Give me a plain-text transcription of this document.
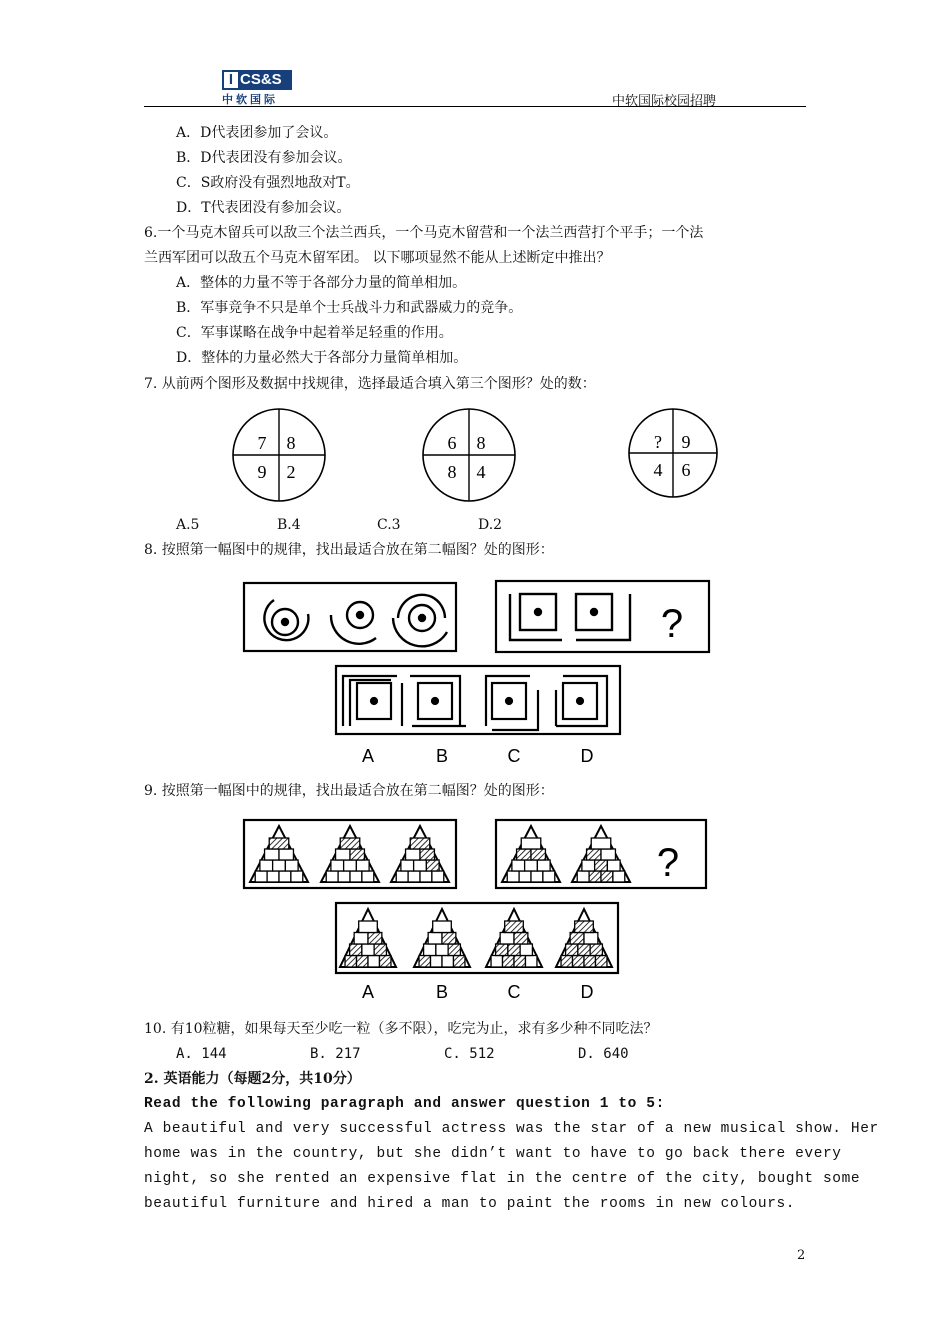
I CS&S
中软国际	中软国际校园招聘
A．D代表团参加了会议。
B．D代表团没有参加会议。
C．S政府没有强烈地敌对T。
D．T代表团没有参加会议。
6.一个马克木留兵可以敌三个法兰西兵，一个马克木留营和一个法兰西营打个平手；一个法
兰西军团可以敌五个马克木留军团。 以下哪项显然不能从上述断定中推出？
A．整体的力量不等于各部分力量的简单相加。
B．军事竞争不只是单个士兵战斗力和武器威力的竞争。
C．军事谋略在战争中起着举足轻重的作用。
D．整体的力量必然大于各部分力量简单相加。
7. 从前两个图形及数据中找规律，选择最适合填入第三个图形？处的数：
7 8
9 2
6 8
8 4
? 9
4 6
A.5	B.4	C.3	D.2
8. 按照第一幅图中的规律，找出最适合放在第二幅图？处的图形：
?
A	B	C	D
9. 按照第一幅图中的规律，找出最适合放在第二幅图？处的图形：
?
A	B	C	D
10. 有10粒糖，如果每天至少吃一粒（多不限），吃完为止，求有多少种不同吃法？
A. 144	B. 217	C. 512	D. 640
2. 英语能力（每题2分，共10分）
Read the following paragraph and answer question 1 to 5:
A beautiful and very successful actress was the star of a new musical show. Her
home was in the country, but she didn’t want to have to go back there every
night, so she rented an expensive flat in the centre of the city, bought some
beautiful furniture and hired a man to paint the rooms in new colours.
2
